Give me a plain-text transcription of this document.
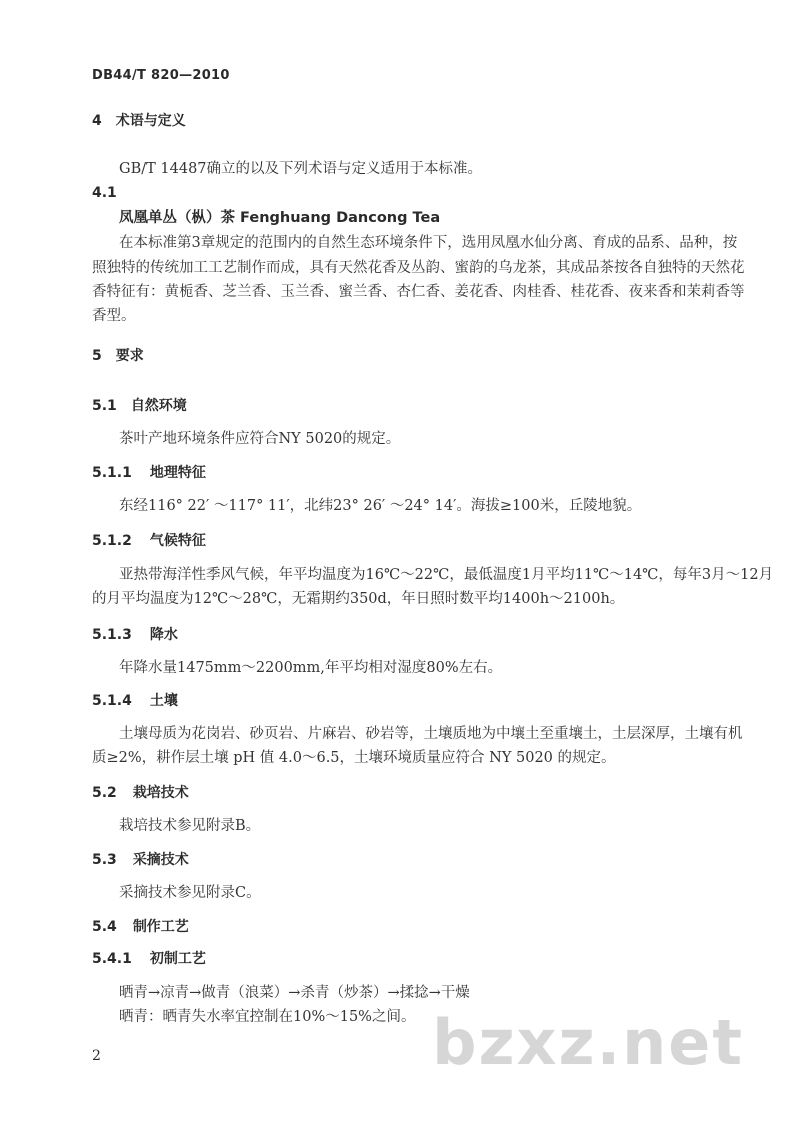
DB44/T 820—2010
4 术语与定义
GB/T 14487确立的以及下列术语与定义适用于本标准。
4.1
凤凰单丛（枞）茶 Fenghuang Dancong Tea
在本标准第3章规定的范围内的自然生态环境条件下，选用凤凰水仙分离、育成的品系、品种，按
照独特的传统加工工艺制作而成，具有天然花香及丛韵、蜜韵的乌龙茶，其成品茶按各自独特的天然花
香特征有：黄栀香、芝兰香、玉兰香、蜜兰香、杏仁香、姜花香、肉桂香、桂花香、夜来香和茉莉香等
香型。
5 要求
5.1 自然环境
茶叶产地环境条件应符合NY 5020的规定。
5.1.1 地理特征
东经116° 22′ ～117° 11′，北纬23° 26′ ～24° 14′。海拔≥100米，丘陵地貌。
5.1.2 气候特征
亚热带海洋性季风气候，年平均温度为16℃～22℃，最低温度1月平均11℃～14℃，每年3月～12月
的月平均温度为12℃～28℃，无霜期约350d，年日照时数平均1400h～2100h。
5.1.3 降水
年降水量1475mm～2200mm,年平均相对湿度80%左右。
5.1.4 土壤
土壤母质为花岗岩、砂页岩、片麻岩、砂岩等，土壤质地为中壤土至重壤土，土层深厚，土壤有机
质≥2%，耕作层土壤 pH 值 4.0～6.5，土壤环境质量应符合 NY 5020 的规定。
5.2 栽培技术
栽培技术参见附录B。
5.3 采摘技术
采摘技术参见附录C。
5.4 制作工艺
5.4.1 初制工艺
晒青→凉青→做青（浪菜）→杀青（炒茶）→揉捻→干燥
晒青：晒青失水率宜控制在10%～15%之间。 bzxz.net
2
